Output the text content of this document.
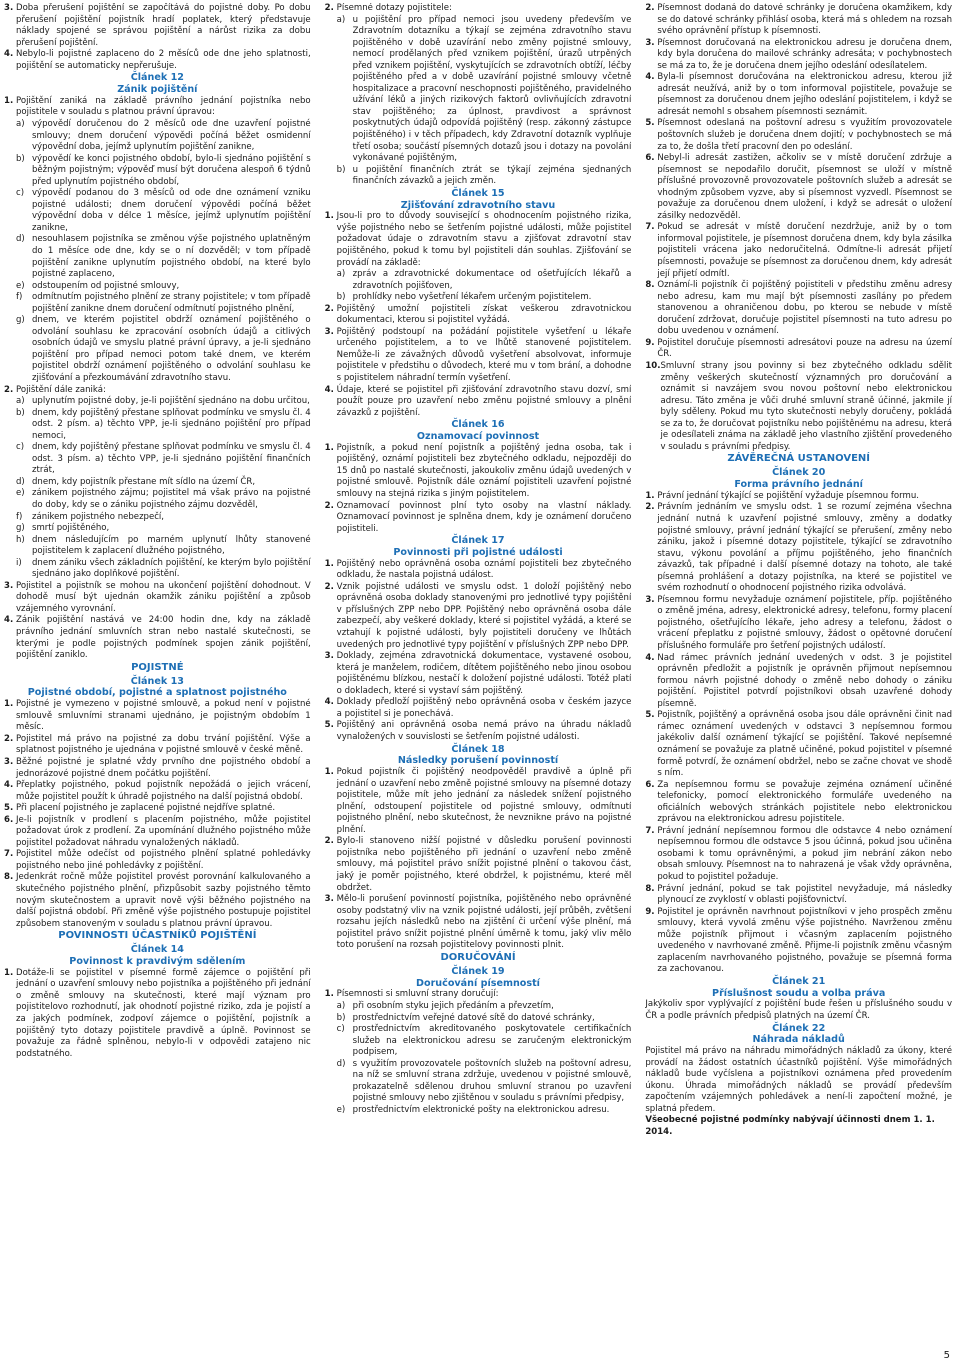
3. Doba přerušení pojištění se započítává do pojistné doby. Po dobu přerušení pojištění pojistník hradí poplatek, který představuje náklady spojené se správou pojištění a nárůst rizika za dobu přerušení pojištění.
4. Nebylo-li pojistné zaplaceno do 2 měsíců ode dne jeho splatnosti, pojištění se automaticky nepřerušuje.
Článek 12
Zánik pojištění
1. Pojištění zaniká na základě právního jednání pojistníka nebo pojistitele v souladu s platnou právní úpravou:
a) výpovědí doručenou do 2 měsíců ode dne uzavření pojistné smlouvy; dnem doručení výpovědi počíná běžet osmidenní výpovědní doba, jejímž uplynutím pojištění zanikne,
b) výpovědí ke konci pojistného období, bylo-li sjednáno pojištění s běžným pojistným; výpověď musí být doručena alespoň 6 týdnů před uplynutím pojistného období,
c) výpovědí podanou do 3 měsíců od ode dne oznámení vzniku pojistné události; dnem doručení výpovědi počíná běžet výpovědní doba v délce 1 měsíce, jejímž uplynutím pojištění zanikne,
d) nesouhlasem pojistníka se změnou výše pojistného uplatněným do 1 měsíce ode dne, kdy se o ní dozvěděl; v tom případě pojištění zanikne uplynutím pojistného období, na které bylo pojistné zaplaceno,
e) odstoupením od pojistné smlouvy,
f)	odmítnutím pojistného plnění ze strany pojistitele; v tom případě pojištění zanikne dnem doručení odmítnutí pojistného plnění,
g) dnem, ve kterém pojistitel obdrží oznámení pojištěného o odvolání souhlasu ke zpracování osobních údajů a citlivých osobních údajů ve smyslu platné právní úpravy, a je-li sjednáno pojištění pro případ nemoci potom také dnem, ve kterém pojistitel obdrží oznámení pojištěného o odvolání souhlasu ke zjišťování a přezkoumávání zdravotního stavu.
2. Pojištění dále zaniká:
a) uplynutím pojistné doby, je-li pojištění sjednáno na dobu určitou,
b) dnem, kdy pojištěný přestane splňovat podmínku ve smyslu čl. 4 odst. 2 písm. a) těchto VPP, je-li sjednáno pojištění pro případ nemoci,
c) dnem, kdy pojištěný přestane splňovat podmínku ve smyslu čl. 4 odst. 3 písm. a) těchto VPP, je-li sjednáno pojištění finančních ztrát,
d) dnem, kdy pojistník přestane mít sídlo na území ČR,
e) zánikem pojistného zájmu; pojistitel má však právo na pojistné do doby, kdy se o zániku pojistného zájmu dozvěděl,
f)	zánikem pojistného nebezpečí,
g) smrtí pojištěného,
h) dnem následujícím po marném uplynutí lhůty stanovené pojistitelem k zaplacení dlužného pojistného,
i)	dnem zániku všech základních pojištění, ke kterým bylo pojištění sjednáno jako doplňkové pojištění.
3. Pojistitel a pojistník se mohou na ukončení pojištění dohodnout. V dohodě musí být ujednán okamžik zániku pojištění a způsob vzájemného vyrovnání.
4. Zánik pojištění nastává ve 24:00 hodin dne, kdy na základě právního jednání smluvních stran nebo nastalé skutečnosti, se kterými je podle pojistných podmínek spojen zánik pojištění, pojištění zaniklo.
POJISTNÉ
Článek 13
Pojistné období, pojistné a splatnost pojistného
1. Pojistné je vymezeno v pojistné smlouvě, a pokud není v pojistné smlouvě smluvními stranami ujednáno, je pojistným obdobím 1 měsíc.
2. Pojistitel má právo na pojistné za dobu trvání pojištění. Výše a splatnost pojistného je ujednána v pojistné smlouvě v české měně.
3. Běžné pojistné je splatné vždy prvního dne pojistného období a jednorázové pojistné dnem počátku pojištění.
4. Přeplatky pojistného, pokud pojistník nepožádá o jejich vrácení, může pojistitel použít k úhradě pojistného na další pojistná období.
5. Při placení pojistného je zaplacené pojistné nejdříve splatné.
6. Je-li pojistník v prodlení s placením pojistného, může pojistitel požadovat úrok z prodlení. Za upomínání dlužného pojistného může pojistitel požadovat náhradu vynaložených nákladů.
7. Pojistitel může odečíst od pojistného plnění splatné pohledávky pojistného nebo jiné pohledávky z pojištění.
8. Jedenkrát ročně může pojistitel provést porovnání kalkulovaného a skutečného pojistného plnění, přizpůsobit sazby pojistného těmto novým skutečnostem a upravit nově výši běžného pojistného na další pojistná období. Při změně výše pojistného postupuje pojistitel způsobem stanoveným v souladu s platnou právní úpravou.
POVINNOSTI ÚČASTNÍKŮ POJIŠTĚNÍ
Článek 14
Povinnost k pravdivým sdělením
1. Dotáže-li se pojistitel v písemné formě zájemce o pojištění při jednání o uzavření smlouvy nebo pojistníka a pojištěného při jednání o změně smlouvy na skutečnosti, které mají význam pro pojistitelovo rozhodnutí, jak ohodnotí pojistné riziko, zda je pojistí a za jakých podmínek, zodpoví zájemce o pojištění, pojistník a pojištěný tyto dotazy pojistitele pravdivě a úplně. Povinnost se považuje za řádně splněnou, nebylo-li v odpovědi zatajeno nic podstatného.
2. Písemné dotazy pojistitele:
a) u pojištění pro případ nemoci jsou uvedeny především ve Zdravotním dotazníku a týkají se zejména zdravotního stavu pojištěného v době uzavírání nebo změny pojistné smlouvy, nemocí prodělaných před vznikem pojištění, úrazů utrpěných před vznikem pojištění, vyskytujících se zdravotních obtíží, léčby pojištěného před a v době uzavírání pojistné smlouvy včetně hospitalizace a pracovní neschopnosti pojištěného, pravidelného užívání léků a jiných rizikových faktorů ovlivňujících zdravotní stav pojištěného; za úplnost, pravdivost a správnost poskytnutých údajů odpovídá pojištěný (resp. zákonný zástupce pojištěného) i v těch případech, kdy Zdravotní dotazník vyplňuje třetí osoba; součástí písemných dotazů jsou i dotazy na povolání vykonávané pojištěným,
b) u pojištění finančních ztrát se týkají zejména sjednaných finančních závazků a jejich změn.
Článek 15
Zjišťování zdravotního stavu
1. Jsou-li pro to důvody související s ohodnocením pojistného rizika, výše pojistného nebo se šetřením pojistné události, může pojistitel požadovat údaje o zdravotním stavu a zjišťovat zdravotní stav pojištěného, pokud k tomu byl pojistiteli dán souhlas. Zjišťování se provádí na základě:
a) zpráv a zdravotnické dokumentace od ošetřujících lékařů a zdravotních pojišťoven,
b) prohlídky nebo vyšetření lékařem určeným pojistitelem.
2. Pojištěný umožní pojistiteli získat veškerou zdravotnickou dokumentaci, kterou si pojistitel vyžádá.
3. Pojištěný podstoupí na požádání pojistitele vyšetření u lékaře určeného pojistitelem, a to ve lhůtě stanovené pojistitelem. Nemůže-li ze závažných důvodů vyšetření absolvovat, informuje pojistitele v předstihu o důvodech, které mu v tom brání, a dohodne s pojistitelem náhradní termín vyšetření.
4. Údaje, které se pojistitel při zjišťování zdravotního stavu dozví, smí použít pouze pro uzavření nebo změnu pojistné smlouvy a plnění závazků z pojištění.
Článek 16
Oznamovací povinnost
1. Pojistník, a pokud není pojistník a pojištěný jedna osoba, tak i pojištěný, oznámí pojistiteli bez zbytečného odkladu, nejpozději do 15 dnů po nastalé skutečnosti, jakoukoliv změnu údajů uvedených v pojistné smlouvě. Pojistník dále oznámí pojistiteli uzavření pojistné smlouvy na stejná rizika s jiným pojistitelem.
2. Oznamovací povinnost plní tyto osoby na vlastní náklady. Oznamovací povinnost je splněna dnem, kdy je oznámení doručeno pojistiteli.
Článek 17
Povinnosti při pojistné události
1. Pojištěný nebo oprávněná osoba oznámí pojistiteli bez zbytečného odkladu, že nastala pojistná událost.
2. Vznik pojistné události ve smyslu odst. 1 doloží pojištěný nebo oprávněná osoba doklady stanovenými pro jednotlivé typy pojištění v příslušných ZPP nebo DPP. Pojištěný nebo oprávněná osoba dále zabezpečí, aby veškeré doklady, které si pojistitel vyžádá, a které se vztahují k pojistné události, byly pojistiteli doručeny ve lhůtách uvedených pro jednotlivé typy pojištění v příslušných ZPP nebo DPP.
3. Doklady, zejména zdravotnická dokumentace, vystavené osobou, která je manželem, rodičem, dítětem pojištěného nebo jinou osobou pojištěnému blízkou, nestačí k doložení pojistné události. Totéž platí o dokladech, které si vystaví sám pojištěný.
4. Doklady předloží pojištěný nebo oprávněná osoba v českém jazyce a pojistitel si je ponechává.
5. Pojištěný ani oprávněná osoba nemá právo na úhradu nákladů vynaložených v souvislosti se šetřením pojistné události.
Článek 18
Následky porušení povinností
1. Pokud pojistník či pojištěný neodpověděl pravdivě a úplně při jednání o uzavření nebo změně pojistné smlouvy na písemné dotazy pojistitele, může mít jeho jednání za následek snížení pojistného plnění, odstoupení pojistitele od pojistné smlouvy, odmítnutí pojistného plnění, nebo skutečnost, že nevznikne právo na pojistné plnění.
2. Bylo-li stanoveno nižší pojistné v důsledku porušení povinnosti pojistníka nebo pojištěného při jednání o uzavření nebo změně smlouvy, má pojistitel právo snížit pojistné plnění o takovou část, jaký je poměr pojistného, které obdržel, k pojistnému, které měl obdržet.
3. Mělo-li porušení povinností pojistníka, pojištěného nebo oprávněné osoby podstatný vliv na vznik pojistné události, její průběh, zvětšení rozsahu jejích následků nebo na zjištění či určení výše plnění, má pojistitel právo snížit pojistné plnění úměrně k tomu, jaký vliv mělo toto porušení na rozsah pojistitelovy povinnosti plnit.
DORUČOVÁNÍ
Článek 19
Doručování písemností
1. Písemnosti si smluvní strany doručují:
a) při osobním styku jejich předáním a převzetím,
b) prostřednictvím veřejné datové sítě do datové schránky,
c) prostřednictvím akreditovaného poskytovatele certifikačních služeb na elektronickou adresu se zaručeným elektronickým podpisem,
d) s využitím provozovatele poštovních služeb na poštovní adresu, na níž se smluvní strana zdržuje, uvedenou v pojistné smlouvě, prokazatelně sdělenou druhou smluvní stranou po uzavření pojistné smlouvy nebo zjištěnou v souladu s právními předpisy,
e) prostřednictvím elektronické pošty na elektronickou adresu.
2. Písemnost dodaná do datové schránky je doručena okamžikem, kdy se do datové schránky přihlásí osoba, která má s ohledem na rozsah svého oprávnění přístup k písemnosti.
3. Písemnost doručovaná na elektronickou adresu je doručena dnem, kdy byla doručena do mailové schránky adresáta; v pochybnostech se má za to, že je doručena dnem jejího odeslání odesílatelem.
4. Byla-li písemnost doručována na elektronickou adresu, kterou již adresát neužívá, aniž by o tom informoval pojistitele, považuje se písemnost za doručenou dnem jejího odeslání pojistitelem, i když se adresát nemohl s obsahem písemnosti seznámit.
5. Písemnost odeslaná na poštovní adresu s využitím provozovatele poštovních služeb je doručena dnem dojití; v pochybnostech se má za to, že došla třetí pracovní den po odeslání.
6. Nebyl-li adresát zastižen, ačkoliv se v místě doručení zdržuje a písemnost se nepodařilo doručit, písemnost se uloží v místně příslušné provozovně provozovatele poštovních služeb a adresát se vhodným způsobem vyzve, aby si písemnost vyzvedl. Písemnost se považuje za doručenou dnem uložení, i když se adresát o uložení zásilky nedozvěděl.
7. Pokud se adresát v místě doručení nezdržuje, aniž by o tom informoval pojistitele, je písemnost doručena dnem, kdy byla zásilka pojistiteli vrácena jako nedoručitelná. Odmítne-li adresát přijetí písemnosti, považuje se písemnost za doručenou dnem, kdy adresát její přijetí odmítl.
8. Oznámí-li pojistník či pojištěný pojistiteli v předstihu změnu adresy nebo adresu, kam mu mají být písemnosti zasílány po předem stanovenou a ohraničenou dobu, po kterou se nebude v místě doručení zdržovat, doručuje pojistitel písemnosti na tuto adresu po dobu uvedenou v oznámení.
9. Pojistitel doručuje písemnosti adresátovi pouze na adresu na území ČR.
10. Smluvní strany jsou povinny si bez zbytečného odkladu sdělit změny veškerých skutečností významných pro doručování a oznámit si navzájem svou novou poštovní nebo elektronickou adresu. Táto změna je vůči druhé smluvní straně účinné, jakmile jí byly sděleny. Pokud mu tyto skutečnosti nebyly doručeny, pokládá se za to, že doručovat pojistníku nebo pojištěnému na adresu, která je odesílateli známa na základě jeho vlastního zjištění provedeného v souladu s právními předpisy.
ZÁVĚREČNÁ USTANOVENÍ
Článek 20
Forma právního jednání
1. Právní jednání týkající se pojištění vyžaduje písemnou formu.
2. Právním jednáním ve smyslu odst. 1 se rozumí zejména všechna jednání nutná k uzavření pojistné smlouvy, změny a dodatky pojistné smlouvy, právní jednání týkající se přerušení, změny nebo zániku, jakož i písemné dotazy pojistitele, týkající se zdravotního stavu, výkonu povolání a příjmu pojištěného, jeho finančních závazků, tak případné i další písemné dotazy na tohoto, ale také písemná prohlášení a dotazy pojistníka, na které se pojistitel ve svém rozhodnutí o ohodnocení pojistného rizika odvolává.
3. Písemnou formu nevyžaduje oznámení pojistitele, příp. pojištěného o změně jména, adresy, elektronické adresy, telefonu, formy placení pojistného, ošetřujícího lékaře, jeho adresy a telefonu, žádost o vrácení přeplatku z pojistné smlouvy, žádost o opětovné doručení příslušného formuláře pro šetření pojistných událostí.
4. Nad rámec právních jednání uvedených v odst. 3 je pojistitel oprávněn předložit a pojistník je oprávněn přijmout nepísemnou formou návrh pojistné dohody o změně nebo dohody o zániku pojištění. Pojistitel potvrdí pojistníkovi obsah uzavřené dohody písemně.
5. Pojistník, pojištěný a oprávněná osoba jsou dále oprávněni činit nad rámec oznámení uvedených v odstavci 3 nepísemnou formou jakékoliv další oznámení týkající se pojištění. Takové nepísemné oznámení se považuje za platně učiněné, pokud pojistitel v písemné formě potvrdí, že oznámení obdržel, nebo se začne chovat ve shodě s ním.
6. Za nepísemnou formu se považuje zejména oznámení učiněné telefonicky, pomocí elektronického formuláře uvedeného na oficiálních webových stránkách pojistitele nebo elektronickou zprávou na elektronickou adresu pojistitele.
7. Právní jednání nepísemnou formou dle odstavce 4 nebo oznámení nepísemnou formou dle odstavce 5 jsou účinná, pokud jsou učiněna osobami k tomu oprávněnými, a pokud jim nebrání zákon nebo obsah smlouvy. Písemnost na to nahrazená je však vždy oprávněna, pokud to pojistitel požaduje.
8. Právní jednání, pokud se tak pojistitel nevyžaduje, má následky plynoucí ze zvyklostí v oblasti pojišťovnictví.
9. Pojistitel je oprávněn navrhnout pojistníkovi v jeho prospěch změnu smlouvy, která vyvolá změnu výše pojistného. Navrženou změnu může pojistník přijmout i včasným zaplacením pojistného uvedeného v navrhované změně. Přijme-li pojistník změnu včasným zaplacením navrhovaného pojistného, považuje se písemná forma za zachovanou.
Článek 21
Příslušnost soudu a volba práva
Jakýkoliv spor vyplývající z pojištění bude řešen u příslušného soudu v ČR a podle právních předpisů platných na území ČR.
Článek 22
Náhrada nákladů
Pojistitel má právo na náhradu mimořádných nákladů za úkony, které provádí na žádost ostatních účastníků pojištění. Výše mimořádných nákladů bude vyčíslena a pojistníkovi oznámena před provedením úkonu. Úhrada mimořádných nákladů se provádí především započtením vzájemných pohledávek a není-li započtení možné, je splatná předem.
Všeobecné pojistné podmínky nabývají účinnosti dnem 1. 1. 2014.
5
